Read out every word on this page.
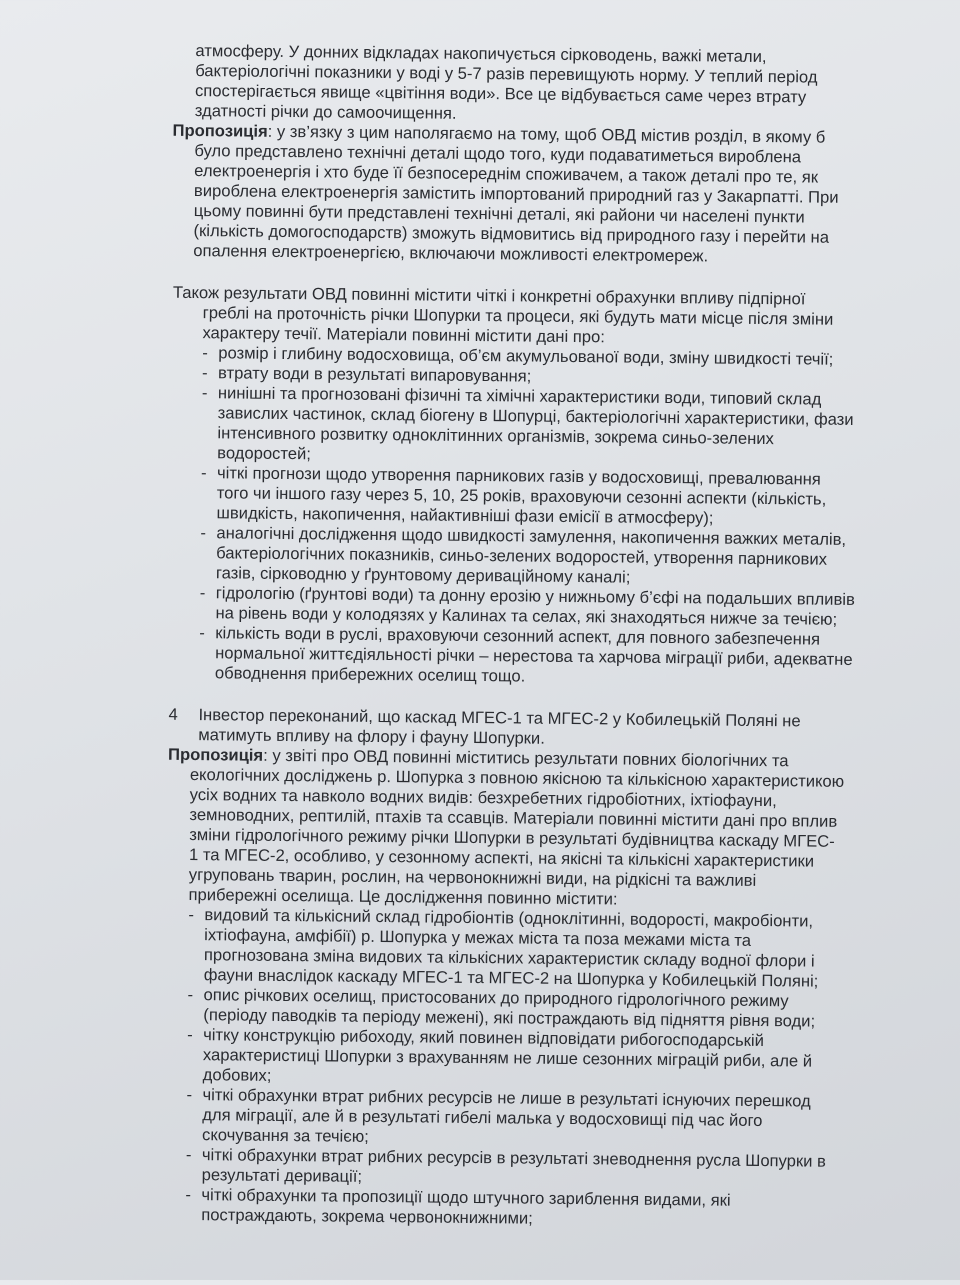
атмосферу. У донних відкладах накопичується сірководень, важкі метали,

бактеріологічні показники у воді у 5-7 разів перевищують норму. У теплий період

спостерігається явище «цвітіння води». Все це відбувається саме через втрату

здатності річки до самоочищення.

Пропозиція: у зв’язку з цим наполягаємо на тому, щоб ОВД містив розділ, в якому б

було представлено технічні деталі щодо того, куди подаватиметься вироблена

електроенергія і хто буде її безпосереднім споживачем, а також деталі про те, як

вироблена електроенергія замістить імпортований природний газ у Закарпатті. При

цьому повинні бути представлені технічні деталі, які райони чи населені пункти

(кількість домогосподарств) зможуть відмовитись від природного газу і перейти на

опалення електроенергією, включаючи можливості електромереж.

Також результати ОВД повинні містити чіткі і конкретні обрахунки впливу підпірної

греблі на проточність річки Шопурки та процеси, які будуть мати місце після зміни

характеру течії. Матеріали повинні містити дані про:

- розмір і глибину водосховища, об’єм акумульованої води, зміну швидкості течії;
- втрату води в результаті випаровування;
- нинішні та прогнозовані фізичні та хімічні характеристики води, типовий склад
завислих частинок, склад біогену в Шопурці, бактеріологічні характеристики, фази
інтенсивного розвитку одноклітинних організмів, зокрема синьо-зелених
водоростей;
- чіткі прогнози щодо утворення парникових газів у водосховищі, превалювання
того чи іншого газу через 5, 10, 25 років, враховуючи сезонні аспекти (кількість,
швидкість, накопичення, найактивніші фази емісії в атмосферу);
- аналогічні дослідження щодо швидкості замулення, накопичення важких металів,
бактеріологічних показників, синьо-зелених водоростей, утворення парникових
газів, сірководню у ґрунтовому дериваційному каналі;
- гідрологію (ґрунтові води) та донну ерозію у нижньому б’єфі на подальших впливів
на рівень води у колодязях у Калинах та селах, які знаходяться нижче за течією;
- кількість води в руслі, враховуючи сезонний аспект, для повного забезпечення
нормальної життєдіяльності річки – нерестова та харчова міграції риби, адекватне
обводнення прибережних оселищ тощо.

4 Інвестор переконаний, що каскад МГЕС-1 та МГЕС-2 у Кобилецькій Поляні не

матимуть впливу на флору і фауну Шопурки.

Пропозиція: у звіті про ОВД повинні міститись результати повних біологічних та

екологічних досліджень р. Шопурка з повною якісною та кількісною характеристикою

усіх водних та навколо водних видів: безхребетних гідробіотних, іхтіофауни,

земноводних, рептилій, птахів та ссавців. Матеріали повинні містити дані про вплив

зміни гідрологічного режиму річки Шопурки в результаті будівництва каскаду МГЕС-

1 та МГЕС-2, особливо, у сезонному аспекті, на якісні та кількісні характеристики

угруповань тварин, рослин, на червонокнижні види, на рідкісні та важливі

прибережні оселища. Це дослідження повинно містити:

- видовий та кількісний склад гідробіонтів (одноклітинні, водорості, макробіонти,
іхтіофауна, амфібії) р. Шопурка у межах міста та поза межами міста та
прогнозована зміна видових та кількісних характеристик складу водної флори і
фауни внаслідок каскаду МГЕС-1 та МГЕС-2 на Шопурка у Кобилецькій Поляні;
- опис річкових оселищ, пристосованих до природного гідрологічного режиму
(періоду паводків та періоду межені), які постраждають від підняття рівня води;
- чітку конструкцію рибоходу, який повинен відповідати рибогосподарській
характеристиці Шопурки з врахуванням не лише сезонних міграцій риби, але й
добових;
- чіткі обрахунки втрат рибних ресурсів не лише в результаті існуючих перешкод
для міграції, але й в результаті гибелі малька у водосховищі під час його
скочування за течією;
- чіткі обрахунки втрат рибних ресурсів в результаті зневоднення русла Шопурки в
результаті деривації;
- чіткі обрахунки та пропозиції щодо штучного зариблення видами, які
постраждають, зокрема червонокнижними;
